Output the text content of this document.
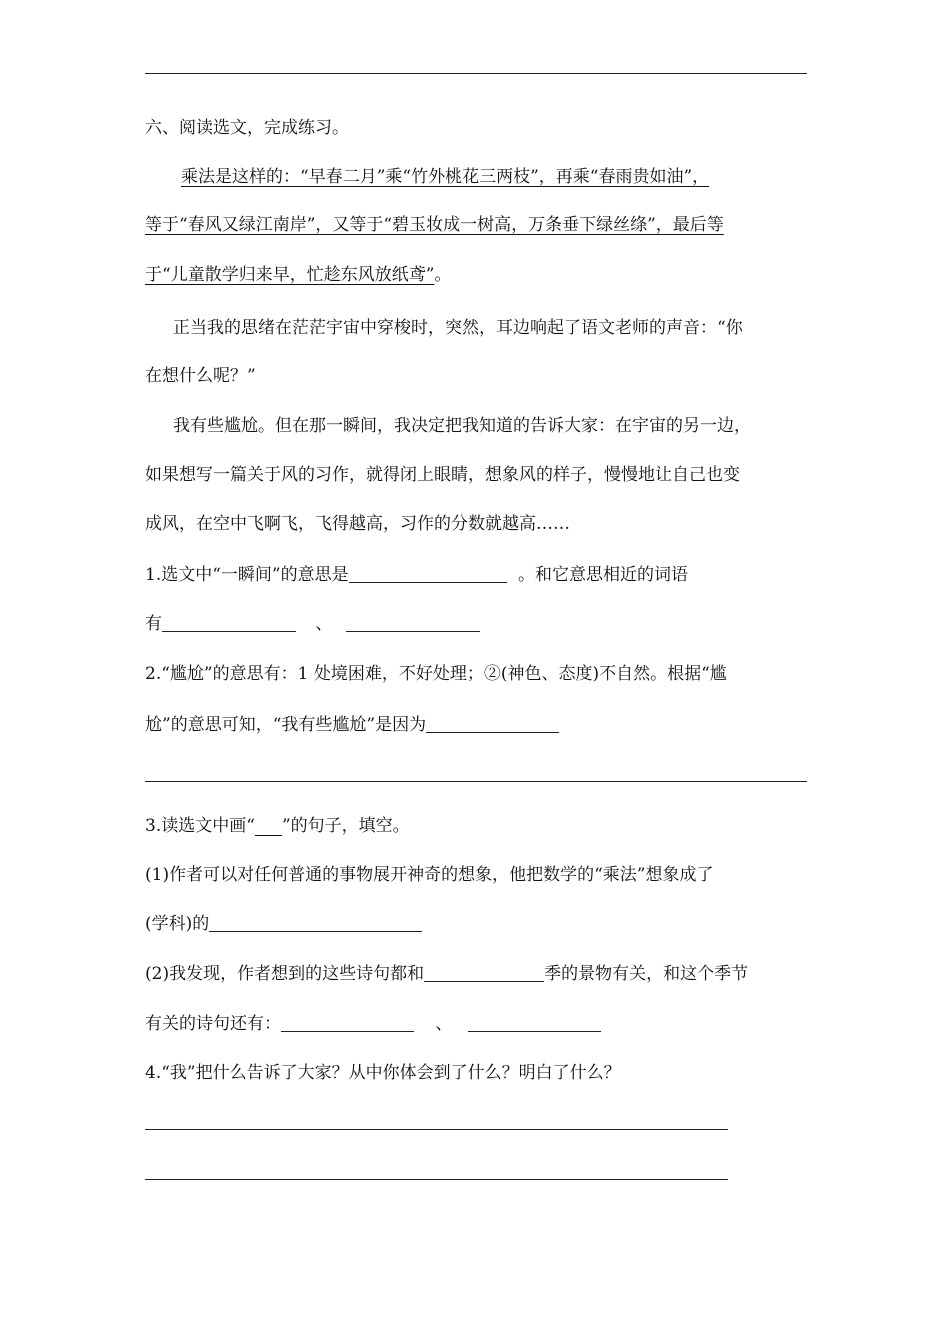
六、阅读选文，完成练习。
乘法是这样的：“早春二月”乘“竹外桃花三两枝”，再乘“春雨贵如油”，
等于“春风又绿江南岸”，又等于“碧玉妆成一树高，万条垂下绿丝绦”，最后等
于“儿童散学归来早，忙趁东风放纸鸢”。
正当我的思绪在茫茫宇宙中穿梭时，突然，耳边响起了语文老师的声音：“你
在想什么呢？”
我有些尴尬。但在那一瞬间，我决定把我知道的告诉大家：在宇宙的另一边，
如果想写一篇关于风的习作，就得闭上眼睛，想象风的样子，慢慢地让自己也变
成风，在空中飞啊飞，飞得越高，习作的分数就越高……
1.选文中“一瞬间”的意思是	。和它意思相近的词语
有	、
2.“尴尬”的意思有：1 处境困难，不好处理；②(神色、态度)不自然。根据“尴
尬”的意思可知，“我有些尴尬”是因为
3.读选文中画“ ”的句子，填空。
(1)作者可以对任何普通的事物展开神奇的想象，他把数学的“乘法”想象成了
(学科)的
(2)我发现，作者想到的这些诗句都和	季的景物有关，和这个季节
有关的诗句还有：	、
4.“我”把什么告诉了大家？从中你体会到了什么？明白了什么？
